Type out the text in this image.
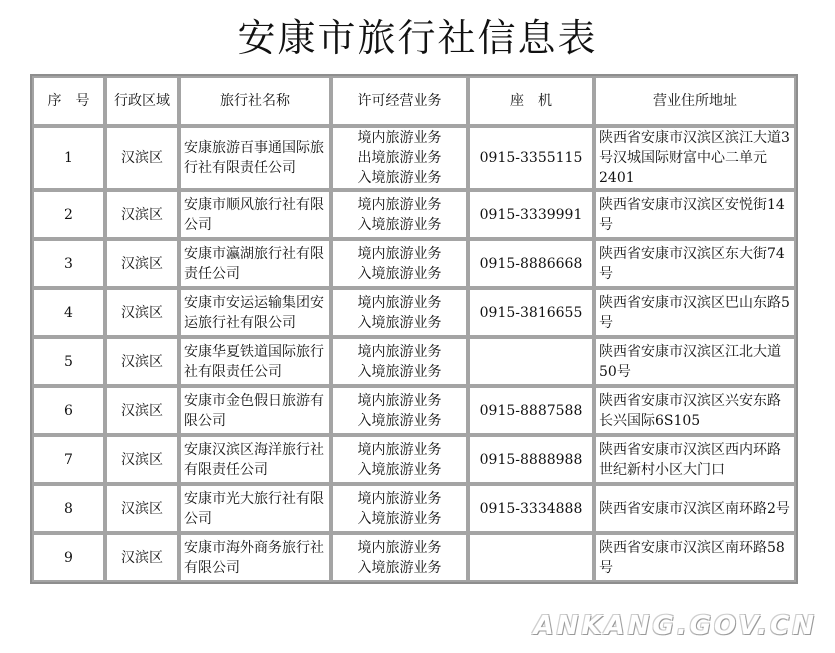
安康市旅行社信息表
序　号	行政区域	旅行社名称	许可经营业务	座　机	营业住所地址
1	汉滨区	安康旅游百事通国际旅行社有限责任公司	境内旅游业务
出境旅游业务
入境旅游业务	0915-3355115	陕西省安康市汉滨区滨江大道3号汉城国际财富中心二单元2401
2	汉滨区	安康市顺风旅行社有限公司	境内旅游业务
入境旅游业务	0915-3339991	陕西省安康市汉滨区安悦街14号
3	汉滨区	安康市瀛湖旅行社有限责任公司	境内旅游业务
入境旅游业务	0915-8886668	陕西省安康市汉滨区东大街74号
4	汉滨区	安康市安运运输集团安运旅行社有限公司	境内旅游业务
入境旅游业务	0915-3816655	陕西省安康市汉滨区巴山东路5号
5	汉滨区	安康华夏铁道国际旅行社有限责任公司	境内旅游业务
入境旅游业务		陕西省安康市汉滨区江北大道50号
6	汉滨区	安康市金色假日旅游有限公司	境内旅游业务
入境旅游业务	0915-8887588	陕西省安康市汉滨区兴安东路长兴国际6S105
7	汉滨区	安康汉滨区海洋旅行社有限责任公司	境内旅游业务
入境旅游业务	0915-8888988	陕西省安康市汉滨区西内环路世纪新村小区大门口
8	汉滨区	安康市光大旅行社有限公司	境内旅游业务
入境旅游业务	0915-3334888	陕西省安康市汉滨区南环路2号
9	汉滨区	安康市海外商务旅行社有限公司	境内旅游业务
入境旅游业务		陕西省安康市汉滨区南环路58号
ANKANG.GOV.CN
